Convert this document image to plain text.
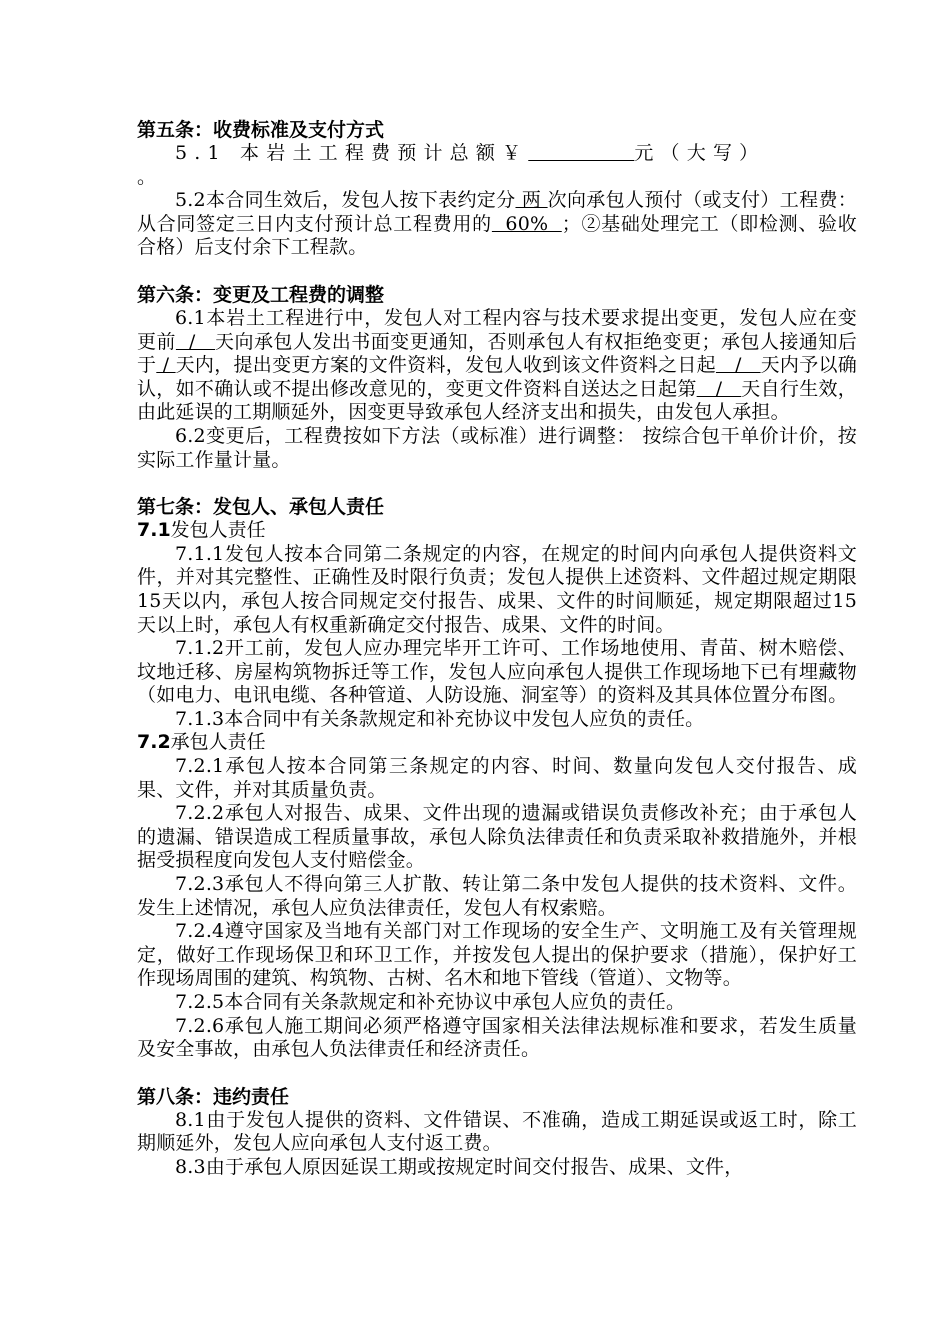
第五条：收费标准及支付方式

5.1 本岩土工程费预计总额￥	元（大写）

。

5.2本合同生效后，发包人按下表约定分 两 次向承包人预付（或支付）工程费：从合同签定三日内支付预计总工程费用的  60%  ；②基础处理完工（即检测、验收合格）后支付余下工程款。

第六条：变更及工程费的调整

6.1本岩土工程进行中，发包人对工程内容与技术要求提出变更，发包人应在变更前  /   天向承包人发出书面变更通知，否则承包人有权拒绝变更；承包人接通知后于 / 天内，提出变更方案的文件资料，发包人收到该文件资料之日起   /   天内予以确认，如不确认或不提出修改意见的，变更文件资料自送达之日起第   /   天自行生效，由此延误的工期顺延外，因变更导致承包人经济支出和损失，由发包人承担。

6.2变更后，工程费按如下方法（或标准）进行调整： 按综合包干单价计价，按实际工作量计量。

第七条：发包人、承包人责任

7.1发包人责任

7.1.1发包人按本合同第二条规定的内容，在规定的时间内向承包人提供资料文件，并对其完整性、正确性及时限行负责；发包人提供上述资料、文件超过规定期限15天以内，承包人按合同规定交付报告、成果、文件的时间顺延，规定期限超过15天以上时，承包人有权重新确定交付报告、成果、文件的时间。

7.1.2开工前，发包人应办理完毕开工许可、工作场地使用、青苗、树木赔偿、坟地迁移、房屋构筑物拆迁等工作，发包人应向承包人提供工作现场地下已有埋藏物（如电力、电讯电缆、各种管道、人防设施、洞室等）的资料及其具体位置分布图。

7.1.3本合同中有关条款规定和补充协议中发包人应负的责任。

7.2承包人责任

7.2.1承包人按本合同第三条规定的内容、时间、数量向发包人交付报告、成果、文件，并对其质量负责。

7.2.2承包人对报告、成果、文件出现的遗漏或错误负责修改补充；由于承包人的遗漏、错误造成工程质量事故，承包人除负法律责任和负责采取补救措施外，并根据受损程度向发包人支付赔偿金。

7.2.3承包人不得向第三人扩散、转让第二条中发包人提供的技术资料、文件。发生上述情况，承包人应负法律责任，发包人有权索赔。

7.2.4遵守国家及当地有关部门对工作现场的安全生产、文明施工及有关管理规定，做好工作现场保卫和环卫工作，并按发包人提出的保护要求（措施），保护好工作现场周围的建筑、构筑物、古树、名木和地下管线（管道）、文物等。

7.2.5本合同有关条款规定和补充协议中承包人应负的责任。

7.2.6承包人施工期间必须严格遵守国家相关法律法规标准和要求，若发生质量及安全事故，由承包人负法律责任和经济责任。

第八条：违约责任

8.1由于发包人提供的资料、文件错误、不准确，造成工期延误或返工时，除工期顺延外，发包人应向承包人支付返工费。

8.3由于承包人原因延误工期或按规定时间交付报告、成果、文件，
